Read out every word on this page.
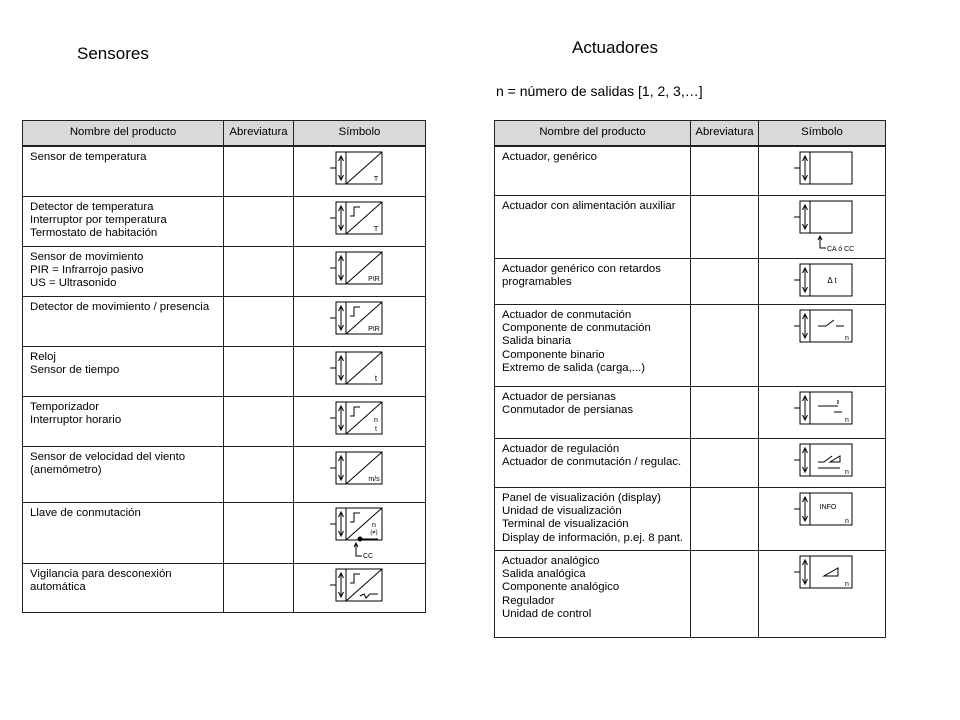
Sensores	Actuadores
n = número de salidas [1, 2, 3,…]
Nombre del producto	Abreviatura	Símbolo

Sensor de temperatura		T

Detector de temperatura
Interruptor por temperatura
Termostato de habitación		T

Sensor de movimiento
PIR = Infrarrojo pasivo
US = Ultrasonido		PIR

Detector de movimiento / presencia		PIR

Reloj
Sensor de tiempo		t

Temporizador
Interruptor horario		n
t

Sensor de velocidad del viento
(anemómetro)		m/s

Llave de conmutación		n
(≠)
CC

Vigilancia para desconexión
automática

Nombre del producto	Abreviatura	Símbolo

Actuador, genérico

Actuador con alimentación auxiliar		CA ó CC

Actuador genérico con retardos
programables		Δ t

Actuador de conmutación
Componente de conmutación
Salida binaria
Componente binario
Extremo de salida (carga,...)		n

Actuador de persianas
Conmutador de persianas		n

Actuador de regulación
Actuador de conmutación / regulac.		n

Panel de visualización (display)
Unidad de visualización
Terminal de visualización
Display de información, p.ej. 8 pant.		INFO
n

Actuador analógico
Salida analógica
Componente analógico
Regulador
Unidad de control		n
